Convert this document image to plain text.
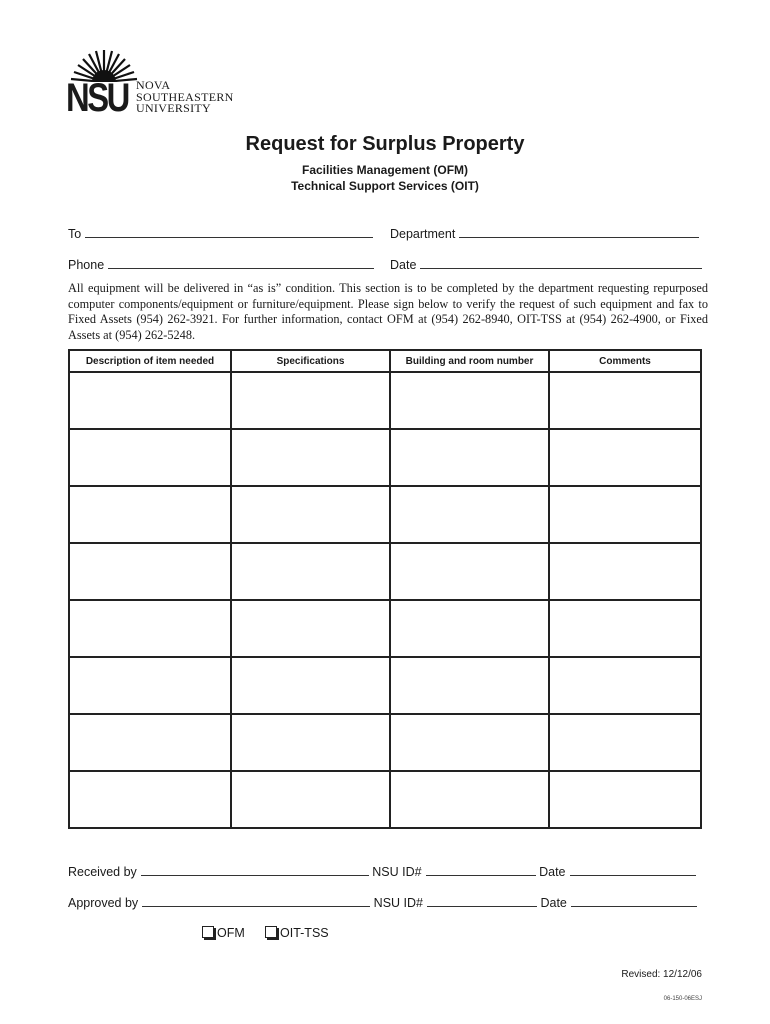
NSU NOVA
SOUTHEASTERN
UNIVERSITY
Request for Surplus Property
Facilities Management (OFM)
Technical Support Services (OIT)
To	Department
Phone	Date
All equipment will be delivered in “as is” condition. This section is to be completed by the department requesting repurposed computer components/equipment or furniture/equipment. Please sign below to verify the request of such equipment and fax to Fixed Assets (954) 262-3921. For further information, contact OFM at (954) 262-8940, OIT-TSS at (954) 262-4900, or Fixed Assets at (954) 262-5248.
Description of item needed	Specifications	Building and room number	Comments

Received by	NSU ID#	Date
Approved by	NSU ID#	Date
OFM	OIT-TSS
Revised: 12/12/06
06-150-06ESJ
